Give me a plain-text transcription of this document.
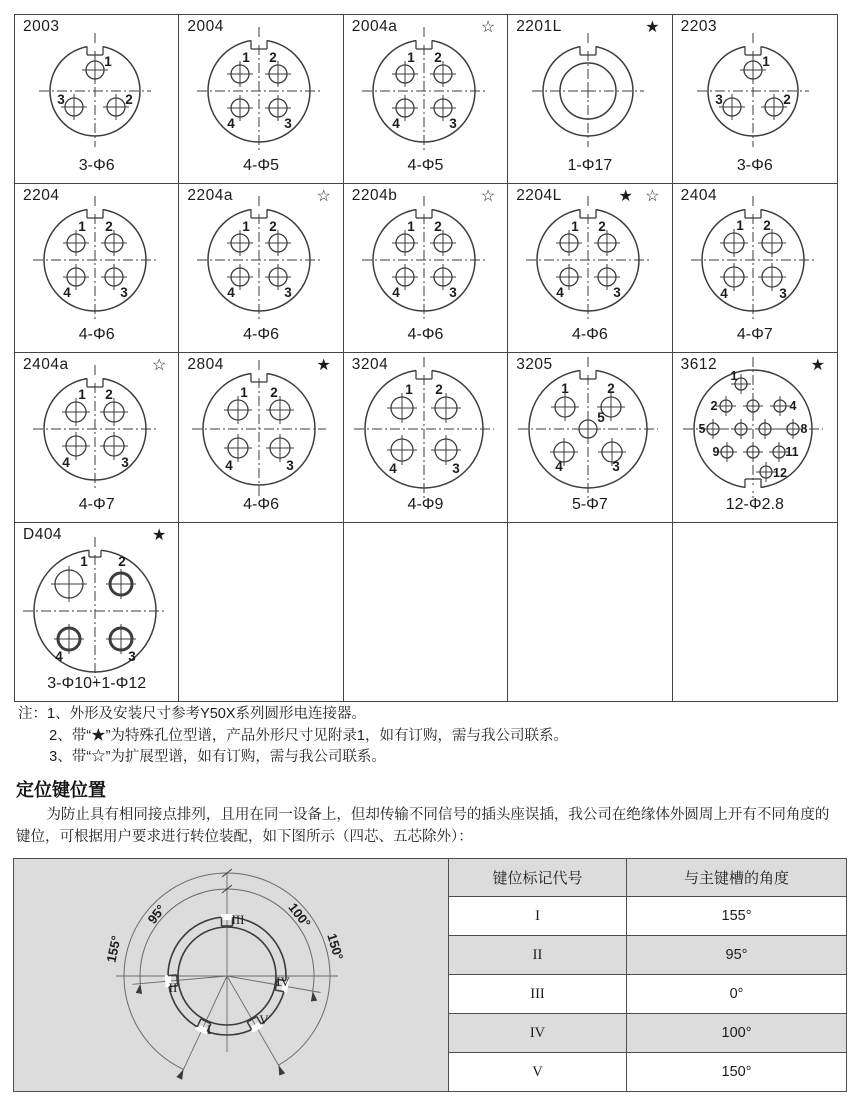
2003
1
2
3
3-Φ6
2004
1 2
3
4
4-Φ5
2004a	☆
1 2
3
4
4-Φ5
2201L	★
1-Φ17
2203
1
2
3
3-Φ6
2204
1 2
3
4
4-Φ6
2204a	☆
1 2
3
4
4-Φ6
2204b	☆
1 2
3
4
4-Φ6
2204L	★ ☆
1 2
3
4
4-Φ6
2404
1 2
3
4
4-Φ7
2404a	☆
1 2
3
4
4-Φ7
2804	★
1 2
3
4
4-Φ6
3204
1 2
3
4
4-Φ9
3205
1	2
3
4
5
5-Φ7
3612	★
1
2	4
5	8
9	11
12
12-Φ2.8
D404	★
1 2
3
4
3-Φ10+1-Φ12
注：1、外形及安装尺寸参考Y50X系列圆形电连接器。
2、带“★”为特殊孔位型谱，产品外形尺寸见附录1，如有订购，需与我公司联系。
3、带“☆”为扩展型谱，如有订购，需与我公司联系。
定位键位置

为防止具有相同接点排列，且用在同一设备上，但却传输不同信号的插头座误插，我公司在绝缘体外圆周上开有不同角度的键位，可根据用户要求进行转位装配，如下图所示（四芯、五芯除外）：

III
II	IV
I
V
95°
155°
100°
150°
	键位标记代号	与主键槽的角度
	I	155°
	II	95°
	III	0°
	IV	100°
	V	150°
